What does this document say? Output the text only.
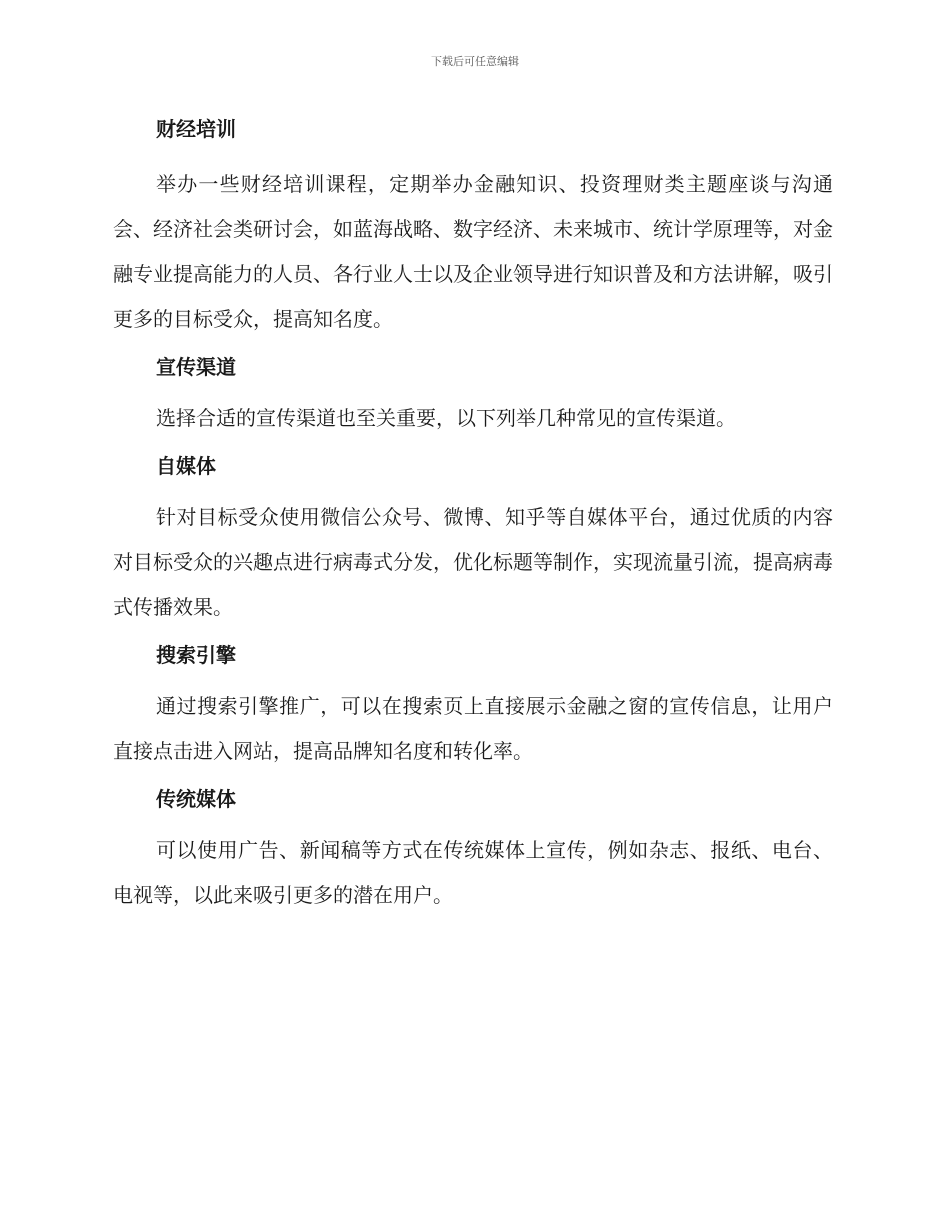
下载后可任意编辑
财经培训

举办一些财经培训课程，定期举办金融知识、投资理财类主题座谈与沟通会、经济社会类研讨会，如蓝海战略、数字经济、未来城市、统计学原理等，对金融专业提高能力的人员、各行业人士以及企业领导进行知识普及和方法讲解，吸引更多的目标受众，提高知名度。

宣传渠道

选择合适的宣传渠道也至关重要，以下列举几种常见的宣传渠道。

自媒体

针对目标受众使用微信公众号、微博、知乎等自媒体平台，通过优质的内容对目标受众的兴趣点进行病毒式分发，优化标题等制作，实现流量引流，提高病毒式传播效果。

搜索引擎

通过搜索引擎推广，可以在搜索页上直接展示金融之窗的宣传信息，让用户直接点击进入网站，提高品牌知名度和转化率。

传统媒体

可以使用广告、新闻稿等方式在传统媒体上宣传，例如杂志、报纸、电台、电视等，以此来吸引更多的潜在用户。
